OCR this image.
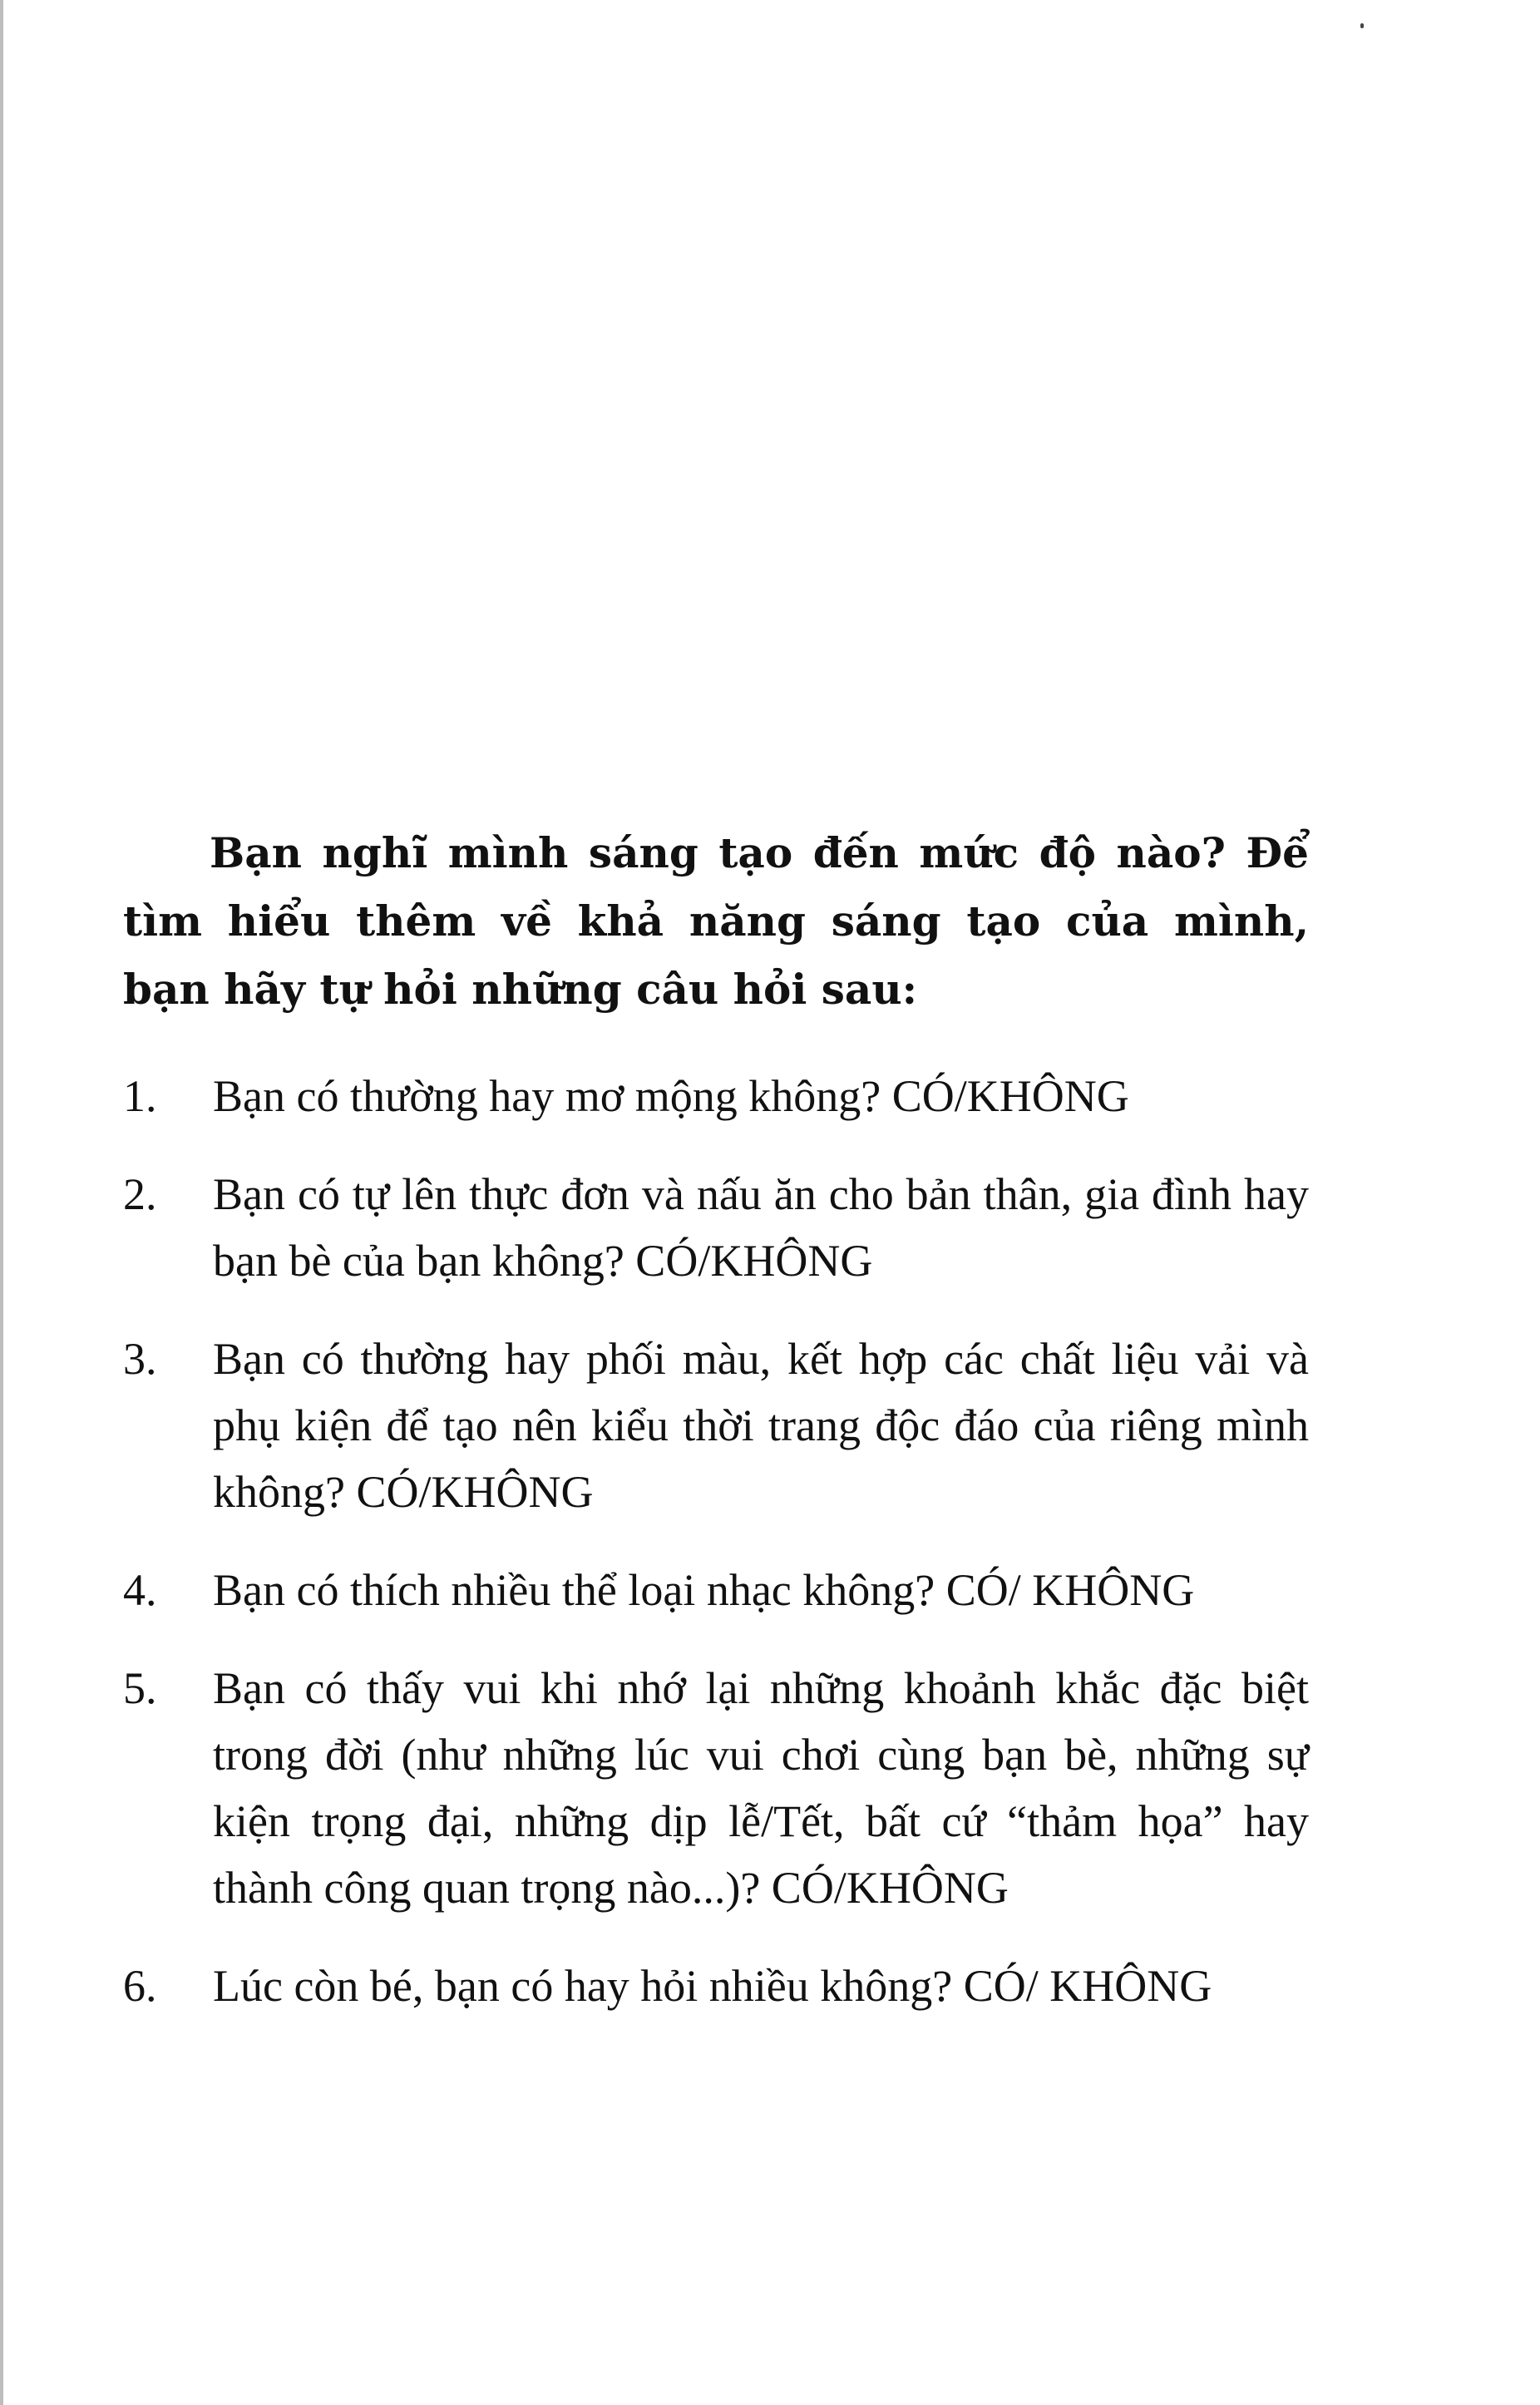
Bạn nghĩ mình sáng tạo đến mức độ nào? Để tìm hiểu thêm về khả năng sáng tạo của mình, bạn hãy tự hỏi những câu hỏi sau:

1.	Bạn có thường hay mơ mộng không? CÓ/KHÔNG
2.	Bạn có tự lên thực đơn và nấu ăn cho bản thân, gia đình hay bạn bè của bạn không? CÓ/KHÔNG
3.	Bạn có thường hay phối màu, kết hợp các chất liệu vải và phụ kiện để tạo nên kiểu thời trang độc đáo của riêng mình không? CÓ/KHÔNG
4.	Bạn có thích nhiều thể loại nhạc không? CÓ/ KHÔNG
5.	Bạn có thấy vui khi nhớ lại những khoảnh khắc đặc biệt trong đời (như những lúc vui chơi cùng bạn bè, những sự kiện trọng đại, những dịp lễ/Tết, bất cứ “thảm họa” hay thành công quan trọng nào...)? CÓ/KHÔNG
6.	Lúc còn bé, bạn có hay hỏi nhiều không? CÓ/ KHÔNG
